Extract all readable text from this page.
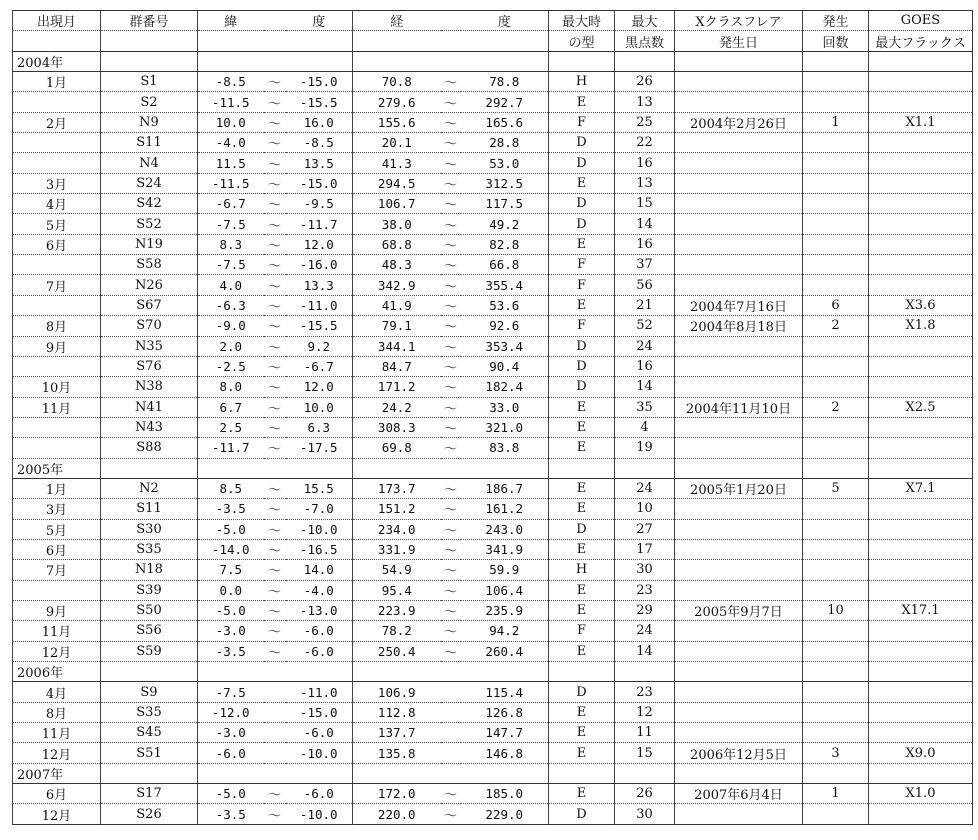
出現月	群番号	緯		度	経		度	最大時	最大	Xクラスフレア	発生	GOES
								の型	黒点数	発生日	回数	最大フラックス
2004年												
1月	S1	-8.5	～	-15.0	70.8	～	78.8	H	26			
	S2	-11.5	～	-15.5	279.6	～	292.7	E	13			
2月	N9	10.0	～	16.0	155.6	～	165.6	F	25	2004年2月26日	1	X1.1
	S11	-4.0	～	-8.5	20.1	～	28.8	D	22			
	N4	11.5	～	13.5	41.3	～	53.0	D	16			
3月	S24	-11.5	～	-15.0	294.5	～	312.5	E	13			
4月	S42	-6.7	～	-9.5	106.7	～	117.5	D	15			
5月	S52	-7.5	～	-11.7	38.0	～	49.2	D	14			
6月	N19	8.3	～	12.0	68.8	～	82.8	E	16			
	S58	-7.5	～	-16.0	48.3	～	66.8	F	37			
7月	N26	4.0	～	13.3	342.9	～	355.4	F	56			
	S67	-6.3	～	-11.0	41.9	～	53.6	E	21	2004年7月16日	6	X3.6
8月	S70	-9.0	～	-15.5	79.1	～	92.6	F	52	2004年8月18日	2	X1.8
9月	N35	2.0	～	9.2	344.1	～	353.4	D	24			
	S76	-2.5	～	-6.7	84.7	～	90.4	D	16			
10月	N38	8.0	～	12.0	171.2	～	182.4	D	14			
11月	N41	6.7	～	10.0	24.2	～	33.0	E	35	2004年11月10日	2	X2.5
	N43	2.5	～	6.3	308.3	～	321.0	E	4			
	S88	-11.7	～	-17.5	69.8	～	83.8	E	19			
2005年												
1月	N2	8.5	～	15.5	173.7	～	186.7	E	24	2005年1月20日	5	X7.1
3月	S11	-3.5	～	-7.0	151.2	～	161.2	E	10			
5月	S30	-5.0	～	-10.0	234.0	～	243.0	D	27			
6月	S35	-14.0	～	-16.5	331.9	～	341.9	E	17			
7月	N18	7.5	～	14.0	54.9	～	59.9	H	30			
	S39	0.0	～	-4.0	95.4	～	106.4	E	23			
9月	S50	-5.0	～	-13.0	223.9	～	235.9	E	29	2005年9月7日	10	X17.1
11月	S56	-3.0	～	-6.0	78.2	～	94.2	F	24			
12月	S59	-3.5	～	-6.0	250.4	～	260.4	E	14			
2006年												
4月	S9	-7.5		-11.0	106.9		115.4	D	23			
8月	S35	-12.0		-15.0	112.8		126.8	E	12			
11月	S45	-3.0		-6.0	137.7		147.7	E	11			
12月	S51	-6.0		-10.0	135.8		146.8	E	15	2006年12月5日	3	X9.0
2007年												
6月	S17	-5.0	～	-6.0	172.0	～	185.0	E	26	2007年6月4日	1	X1.0
12月	S26	-3.5	～	-10.0	220.0	～	229.0	D	30			
